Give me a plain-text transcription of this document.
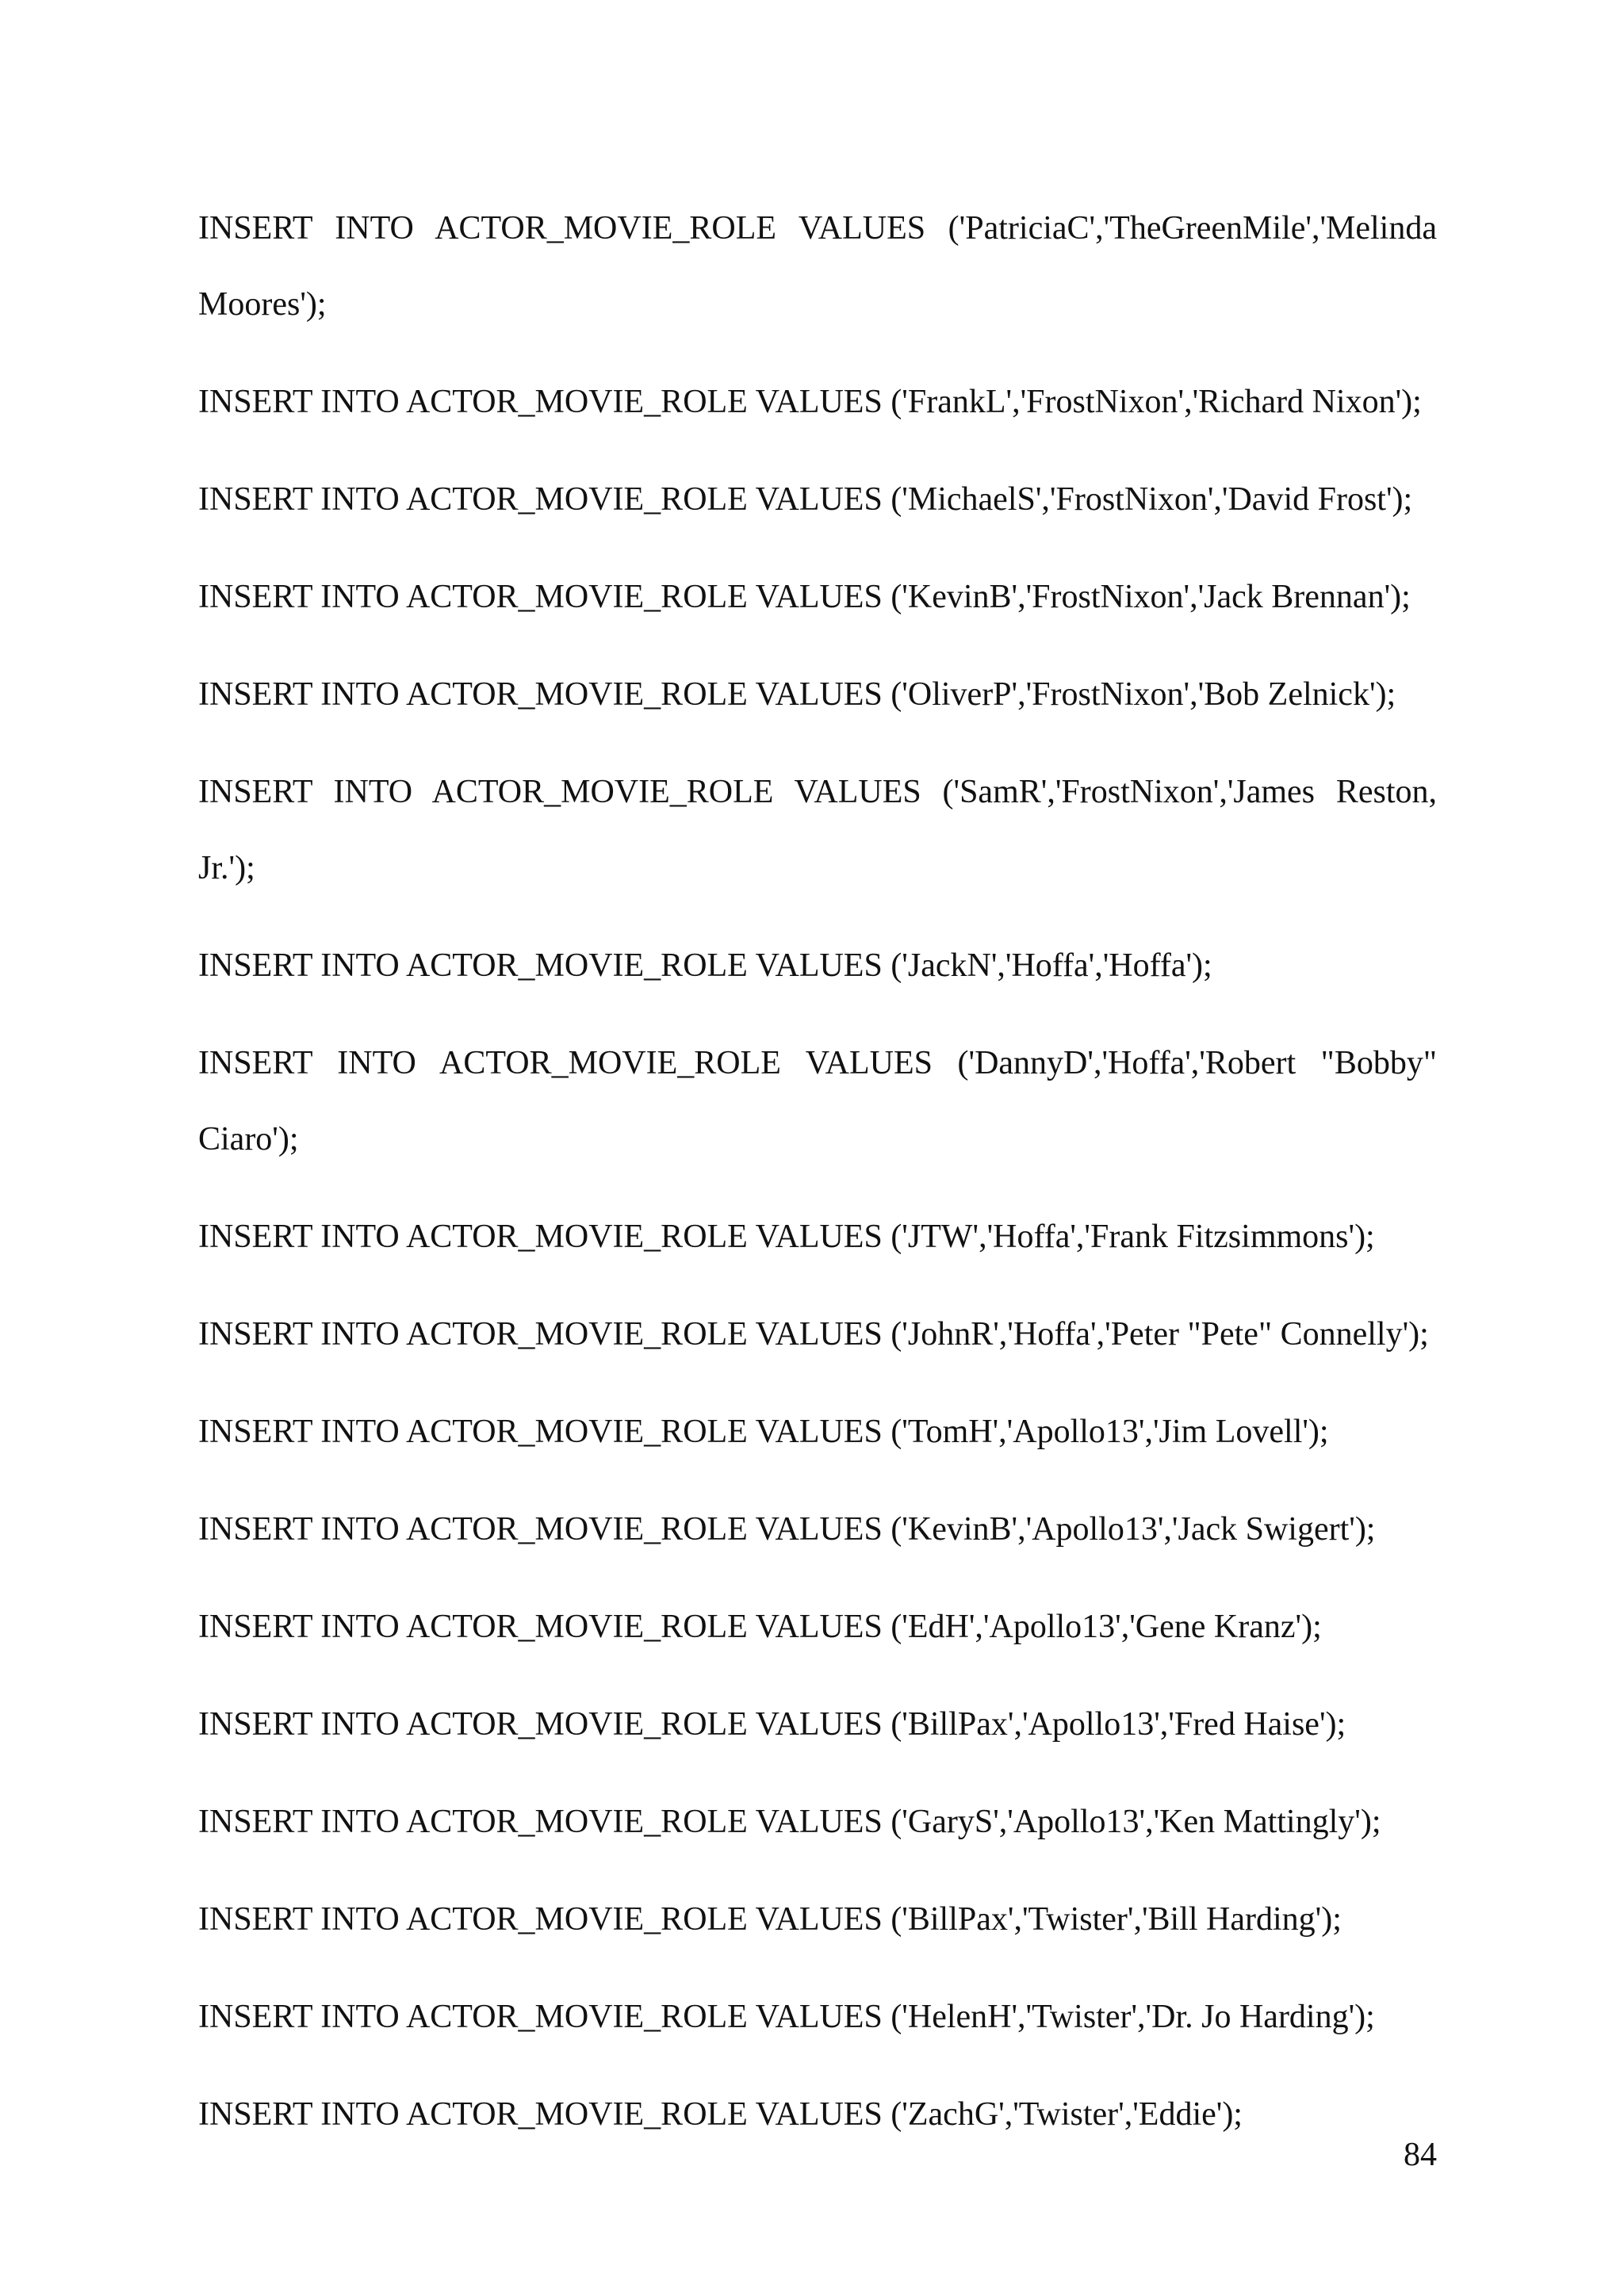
INSERT INTO ACTOR_MOVIE_ROLE VALUES ('PatriciaC','TheGreenMile','Melinda Moores');

INSERT INTO ACTOR_MOVIE_ROLE VALUES ('FrankL','FrostNixon','Richard Nixon');

INSERT INTO ACTOR_MOVIE_ROLE VALUES ('MichaelS','FrostNixon','David Frost');

INSERT INTO ACTOR_MOVIE_ROLE VALUES ('KevinB','FrostNixon','Jack Brennan');

INSERT INTO ACTOR_MOVIE_ROLE VALUES ('OliverP','FrostNixon','Bob Zelnick');

INSERT INTO ACTOR_MOVIE_ROLE VALUES ('SamR','FrostNixon','James Reston, Jr.');

INSERT INTO ACTOR_MOVIE_ROLE VALUES ('JackN','Hoffa','Hoffa');

INSERT INTO ACTOR_MOVIE_ROLE VALUES ('DannyD','Hoffa','Robert "Bobby" Ciaro');

INSERT INTO ACTOR_MOVIE_ROLE VALUES ('JTW','Hoffa','Frank Fitzsimmons');

INSERT INTO ACTOR_MOVIE_ROLE VALUES ('JohnR','Hoffa','Peter "Pete" Connelly');

INSERT INTO ACTOR_MOVIE_ROLE VALUES ('TomH','Apollo13','Jim Lovell');

INSERT INTO ACTOR_MOVIE_ROLE VALUES ('KevinB','Apollo13','Jack Swigert');

INSERT INTO ACTOR_MOVIE_ROLE VALUES ('EdH','Apollo13','Gene Kranz');

INSERT INTO ACTOR_MOVIE_ROLE VALUES ('BillPax','Apollo13','Fred Haise');

INSERT INTO ACTOR_MOVIE_ROLE VALUES ('GaryS','Apollo13','Ken Mattingly');

INSERT INTO ACTOR_MOVIE_ROLE VALUES ('BillPax','Twister','Bill Harding');

INSERT INTO ACTOR_MOVIE_ROLE VALUES ('HelenH','Twister','Dr. Jo Harding');

INSERT INTO ACTOR_MOVIE_ROLE VALUES ('ZachG','Twister','Eddie');

84
